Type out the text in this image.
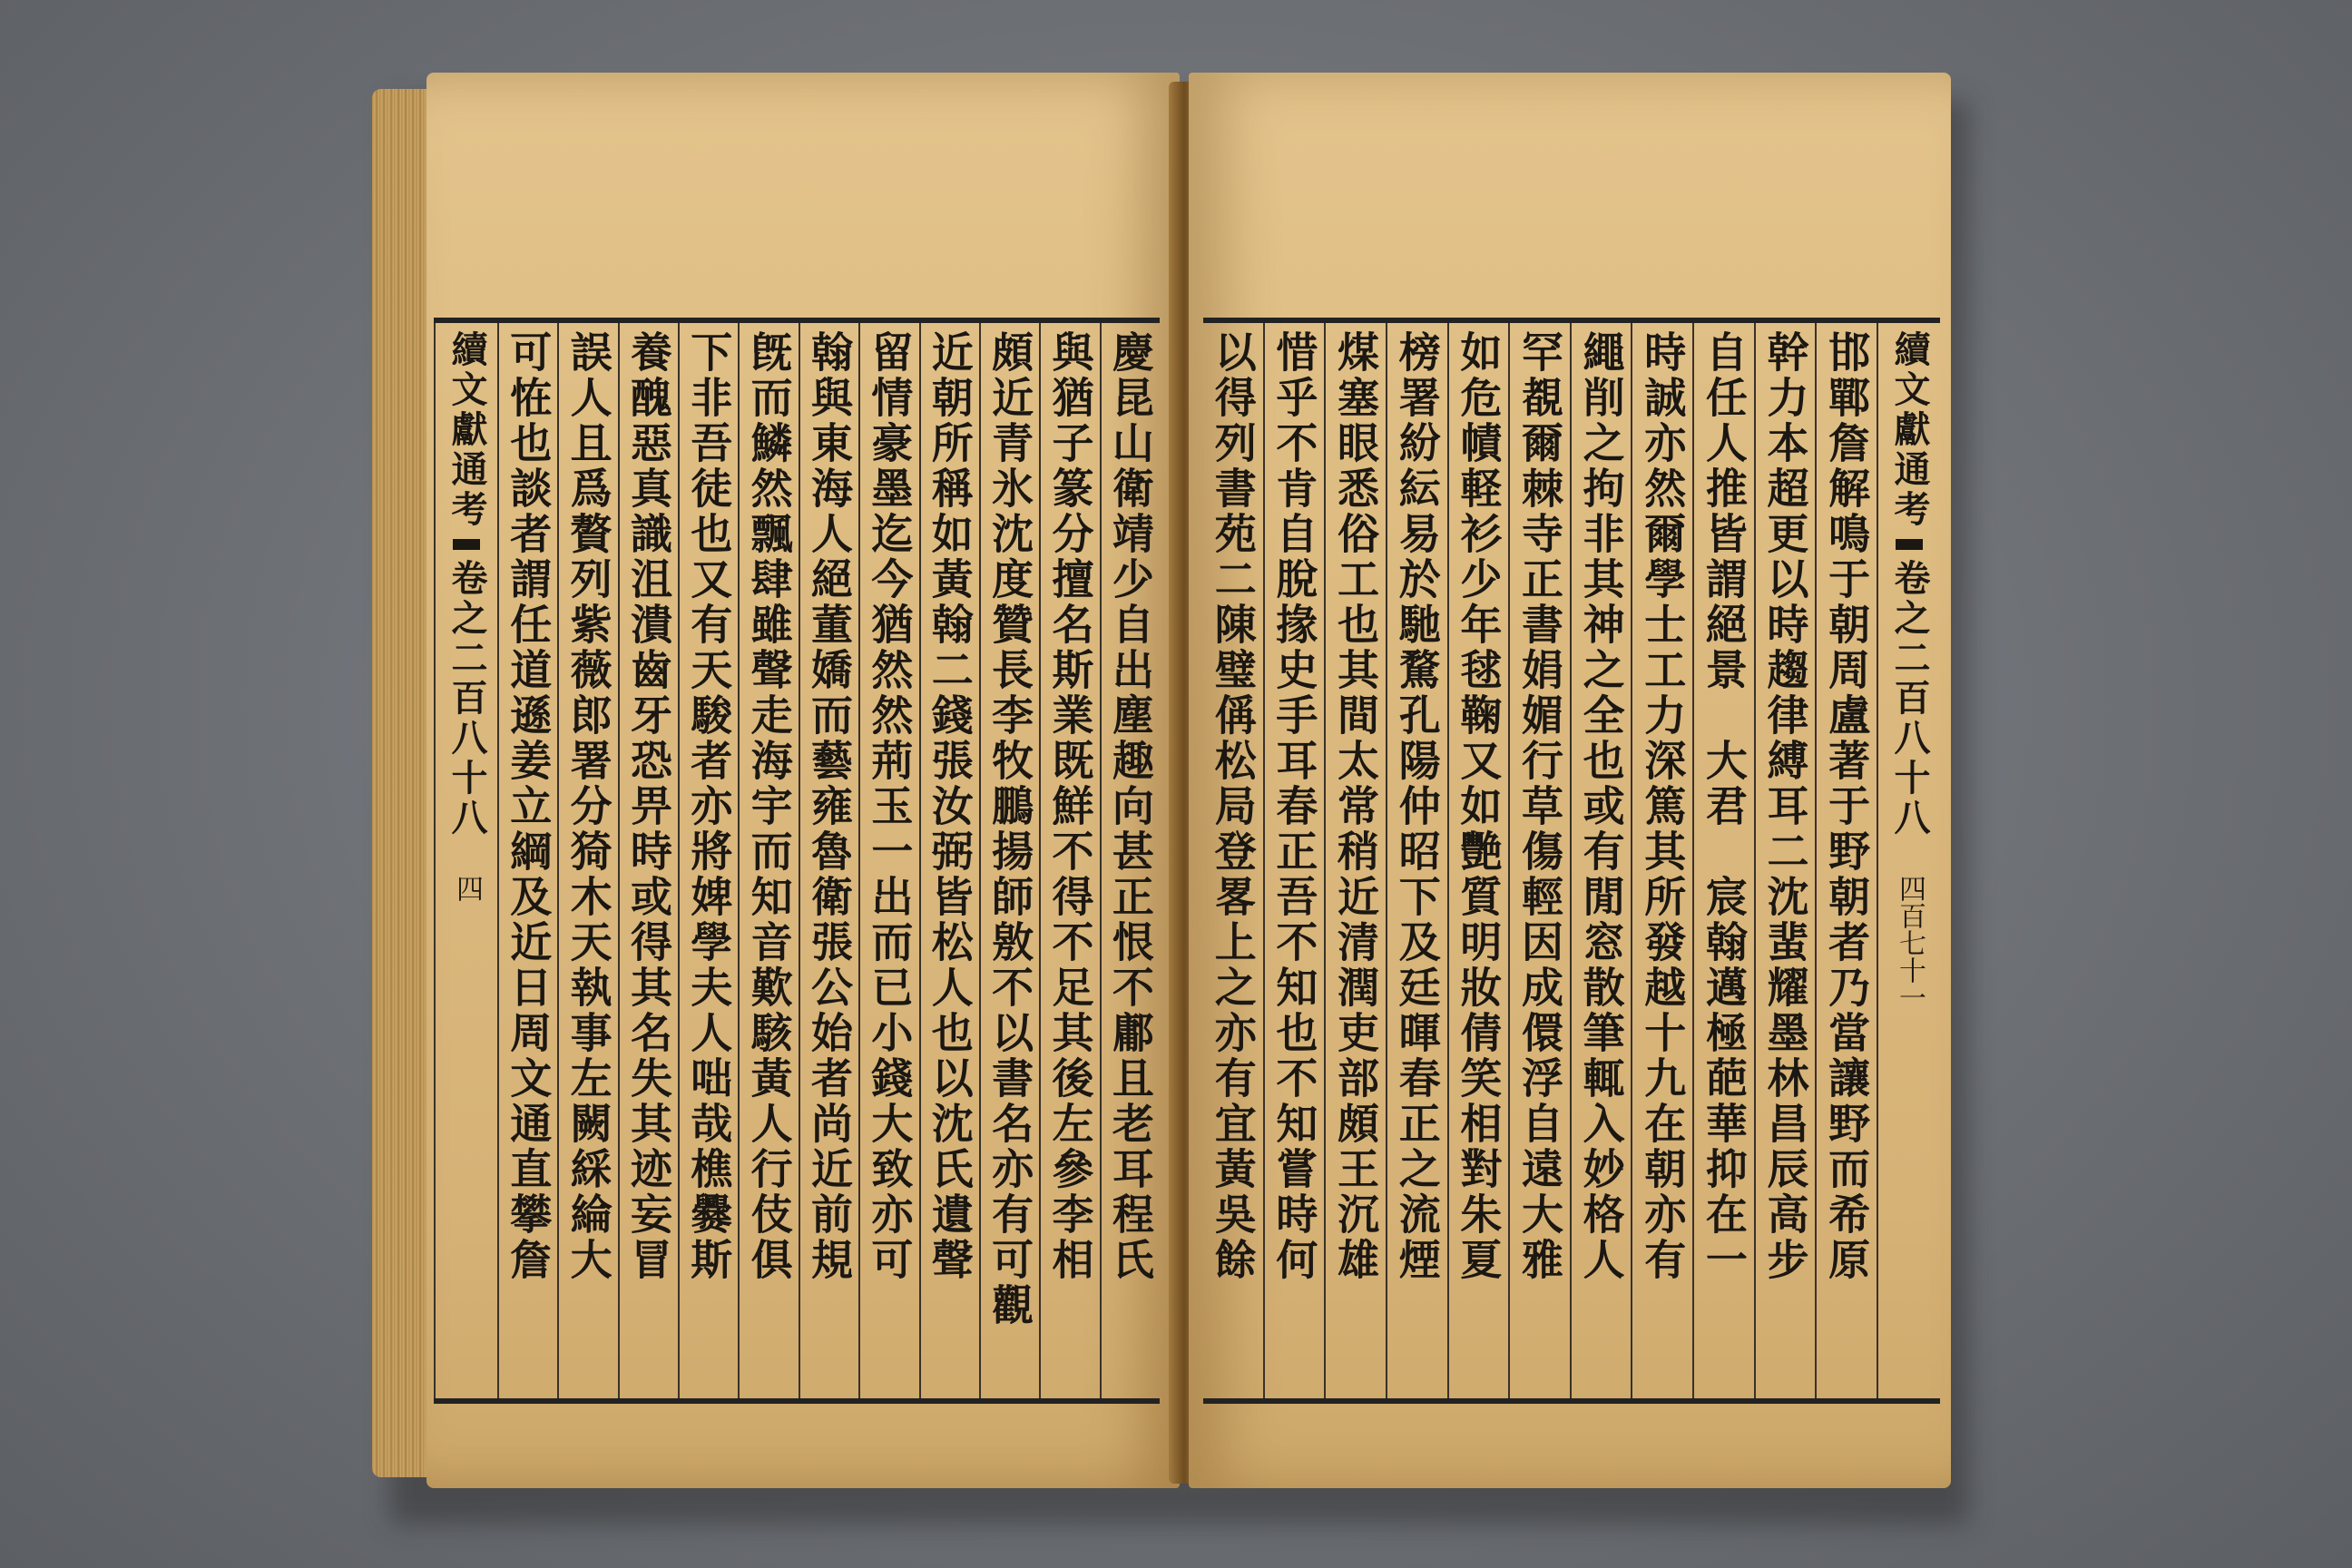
慶昆山衛靖少自出塵趣向甚正恨不鄘且老耳程氏
與猶子篆分擅名斯業既鮮不得不足其後左參李相
頗近青氷沈度贊長李牧鵬揚師敫不以書名亦有可觀
近朝所稱如黃翰二錢張汝弼皆松人也以沈氏遺聲
留情豪墨迄今猶然然荊玉一出而已小錢大致亦可
翰與東海人絕董嬌而藝雍魯衛張公始者尚近前規
旣而鱗然飄肆雖聲走海宇而知音歎駭黃人行伎俱
下非吾徒也又有天駿者亦將婢學夫人咄哉樵爨斯
養醜惡真識沮潰齒牙恐畀時或得其名失其迹妄冒
誤人且爲贅列紫薇郎署分猗木天執事左闕綵綸大
可恠也談者謂任道遜姜立綱及近日周文通直攀詹
續文獻通考
卷之二百八十八
四
續文獻通考
卷之二百八十八
四百七十一
邯鄲詹解鳴于朝周盧著于野朝者乃當讓野而希原
幹力本超更以時趨律縛耳二沈蜚耀墨林昌辰高步
自任人推皆謂絕景　大君　宸翰邁極葩華抑在一
時誠亦然爾學士工力深篤其所發越十九在朝亦有
繩削之拘非其神之全也或有閒窓散筆輒入妙格人
罕覩爾棘寺正書娟媚行草傷輕因成儇浮自遠大雅
如危幘軽衫少年毬鞠又如艷質明妝倩笑相對朱夏
榜署紛紜易於馳騖孔陽仲昭下及廷暉春正之流煙
煤塞眼悉俗工也其間太常稍近清潤吏部頗王沉雄
惜乎不肯自脫掾史手耳春正吾不知也不知嘗時何
以得列書苑二陳璧偁松局登畧上之亦有宜黃吳餘
